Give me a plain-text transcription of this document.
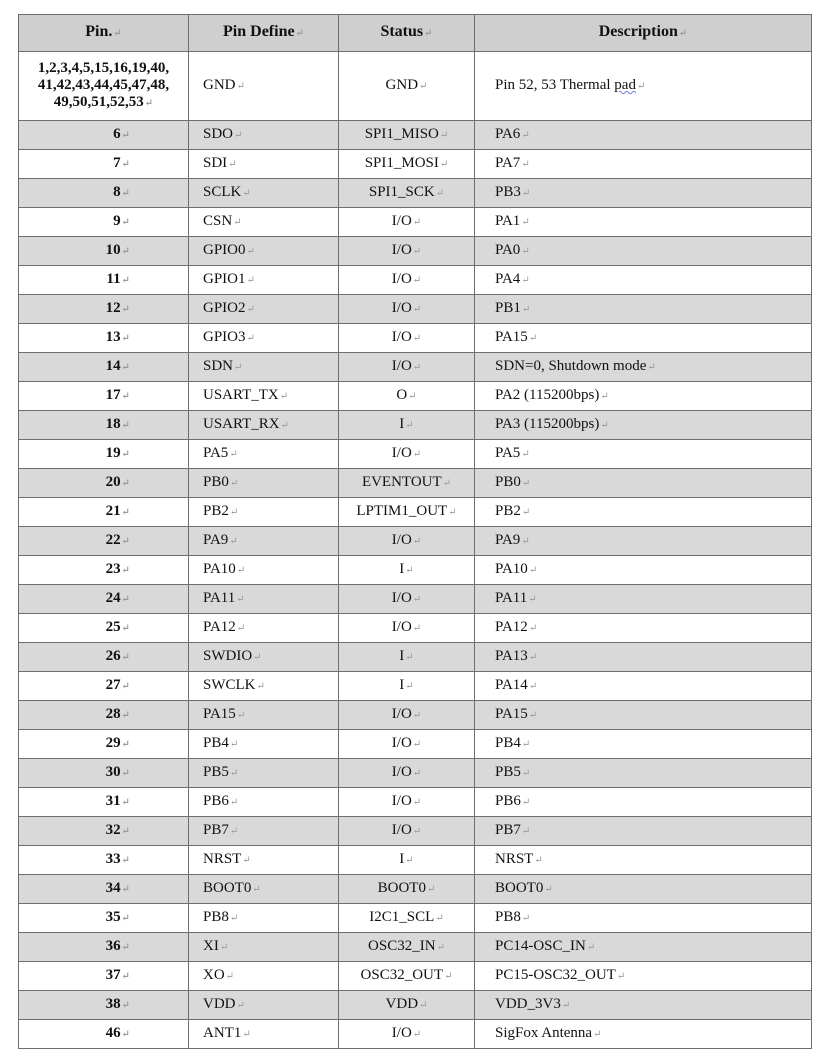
Pin.↵	Pin Define↵	Status↵	Description↵
1,2,3,4,5,15,16,19,40, 41,42,43,44,45,47,48, 49,50,51,52,53↵	GND↵	GND↵	Pin 52, 53 Thermal pad↵
6↵	SDO↵	SPI1_MISO↵	PA6↵
7↵	SDI↵	SPI1_MOSI↵	PA7↵
8↵	SCLK↵	SPI1_SCK↵	PB3↵
9↵	CSN↵	I/O↵	PA1↵
10↵	GPIO0↵	I/O↵	PA0↵
11↵	GPIO1↵	I/O↵	PA4↵
12↵	GPIO2↵	I/O↵	PB1↵
13↵	GPIO3↵	I/O↵	PA15↵
14↵	SDN↵	I/O↵	SDN=0, Shutdown mode↵
17↵	USART_TX↵	O↵	PA2 (115200bps)↵
18↵	USART_RX↵	I↵	PA3 (115200bps)↵
19↵	PA5↵	I/O↵	PA5↵
20↵	PB0↵	EVENTOUT↵	PB0↵
21↵	PB2↵	LPTIM1_OUT↵	PB2↵
22↵	PA9↵	I/O↵	PA9↵
23↵	PA10↵	I↵	PA10↵
24↵	PA11↵	I/O↵	PA11↵
25↵	PA12↵	I/O↵	PA12↵
26↵	SWDIO↵	I↵	PA13↵
27↵	SWCLK↵	I↵	PA14↵
28↵	PA15↵	I/O↵	PA15↵
29↵	PB4↵	I/O↵	PB4↵
30↵	PB5↵	I/O↵	PB5↵
31↵	PB6↵	I/O↵	PB6↵
32↵	PB7↵	I/O↵	PB7↵
33↵	NRST↵	I↵	NRST↵
34↵	BOOT0↵	BOOT0↵	BOOT0↵
35↵	PB8↵	I2C1_SCL↵	PB8↵
36↵	XI↵	OSC32_IN↵	PC14-OSC_IN↵
37↵	XO↵	OSC32_OUT↵	PC15-OSC32_OUT↵
38↵	VDD↵	VDD↵	VDD_3V3↵
46↵	ANT1↵	I/O↵	SigFox Antenna↵
